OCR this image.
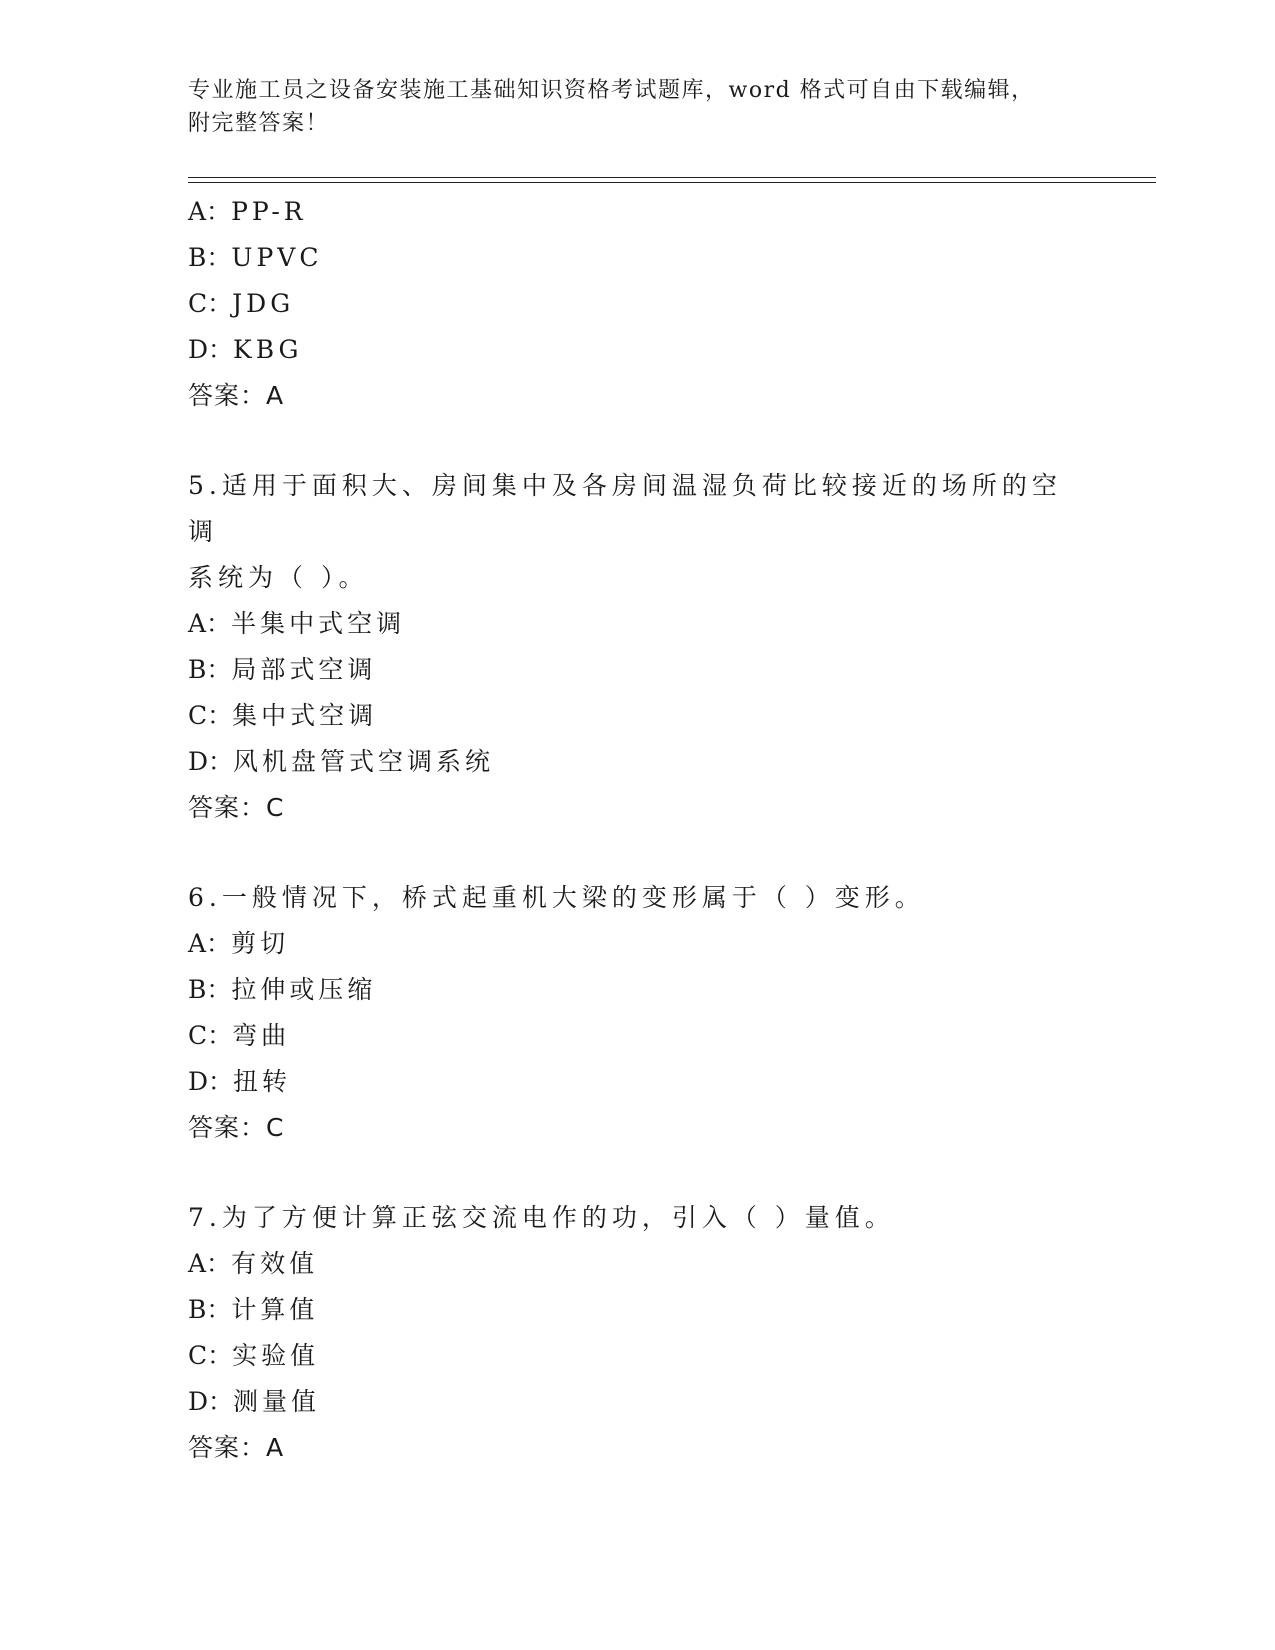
专业施工员之设备安装施工基础知识资格考试题库，word 格式可自由下载编辑，
附完整答案！
A：PP-R
B：UPVC
C：JDG
D：KBG
答案：A
5.适用于面积大、房间集中及各房间温湿负荷比较接近的场所的空调
系统为（ ）。
A：半集中式空调
B：局部式空调
C：集中式空调
D：风机盘管式空调系统
答案：C
6.一般情况下，桥式起重机大梁的变形属于（ ）变形。
A：剪切
B：拉伸或压缩
C：弯曲
D：扭转
答案：C
7.为了方便计算正弦交流电作的功，引入（ ）量值。
A：有效值
B：计算值
C：实验值
D：测量值
答案：A
